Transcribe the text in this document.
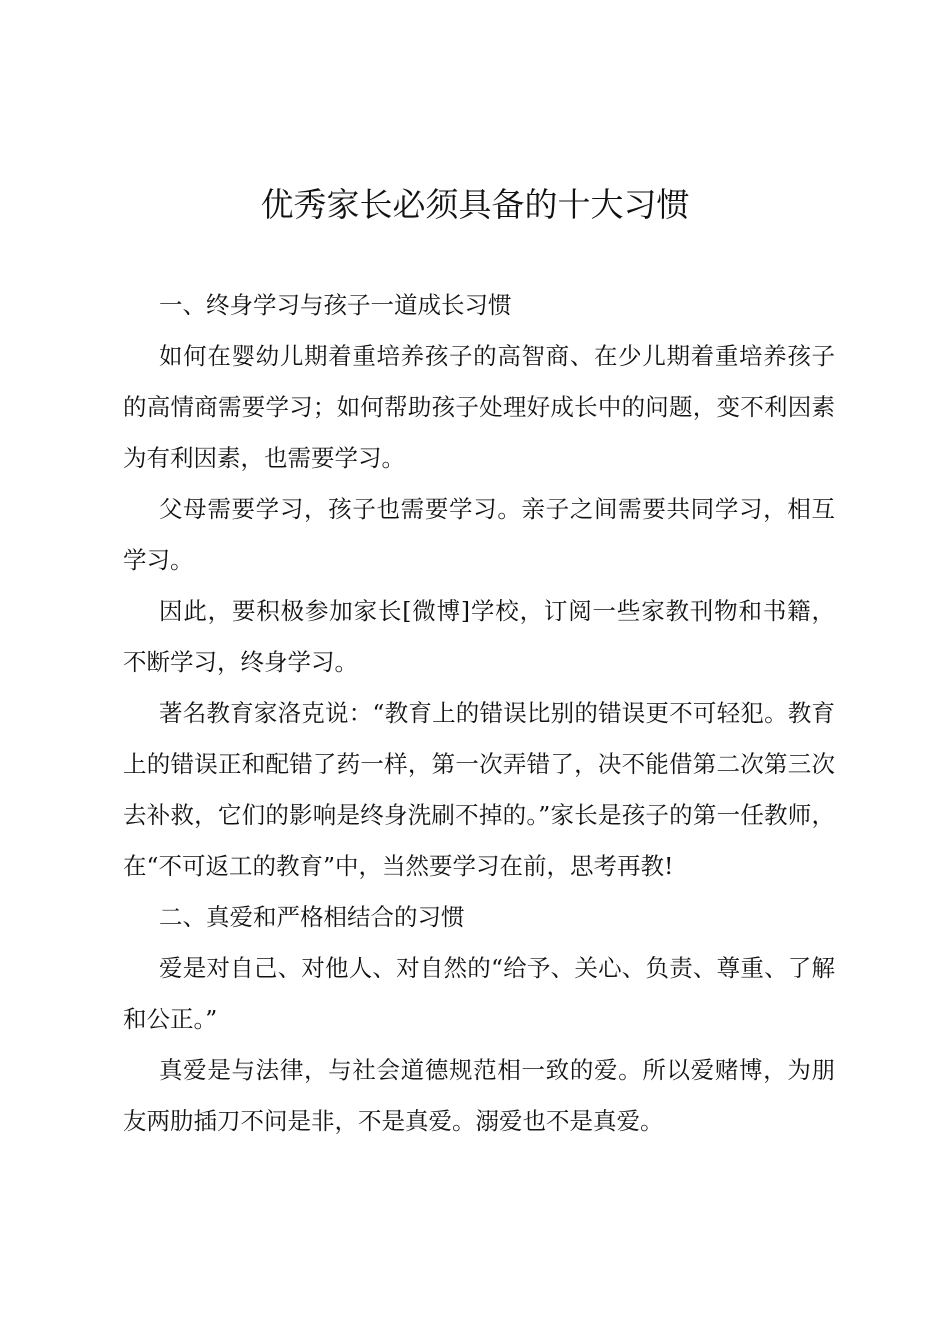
优秀家长必须具备的十大习惯

一、终身学习与孩子一道成长习惯

如何在婴幼儿期着重培养孩子的高智商、在少儿期着重培养孩子的高情商需要学习；如何帮助孩子处理好成长中的问题，变不利因素为有利因素，也需要学习。

父母需要学习，孩子也需要学习。亲子之间需要共同学习，相互学习。

因此，要积极参加家长[微博]学校，订阅一些家教刊物和书籍，不断学习，终身学习。

著名教育家洛克说：“教育上的错误比别的错误更不可轻犯。教育上的错误正和配错了药一样，第一次弄错了，决不能借第二次第三次去补救，它们的影响是终身洗刷不掉的。”家长是孩子的第一任教师，在“不可返工的教育”中，当然要学习在前，思考再教!

二、真爱和严格相结合的习惯

爱是对自己、对他人、对自然的“给予、关心、负责、尊重、了解和公正。”

真爱是与法律，与社会道德规范相一致的爱。所以爱赌博，为朋友两肋插刀不问是非，不是真爱。溺爱也不是真爱。
